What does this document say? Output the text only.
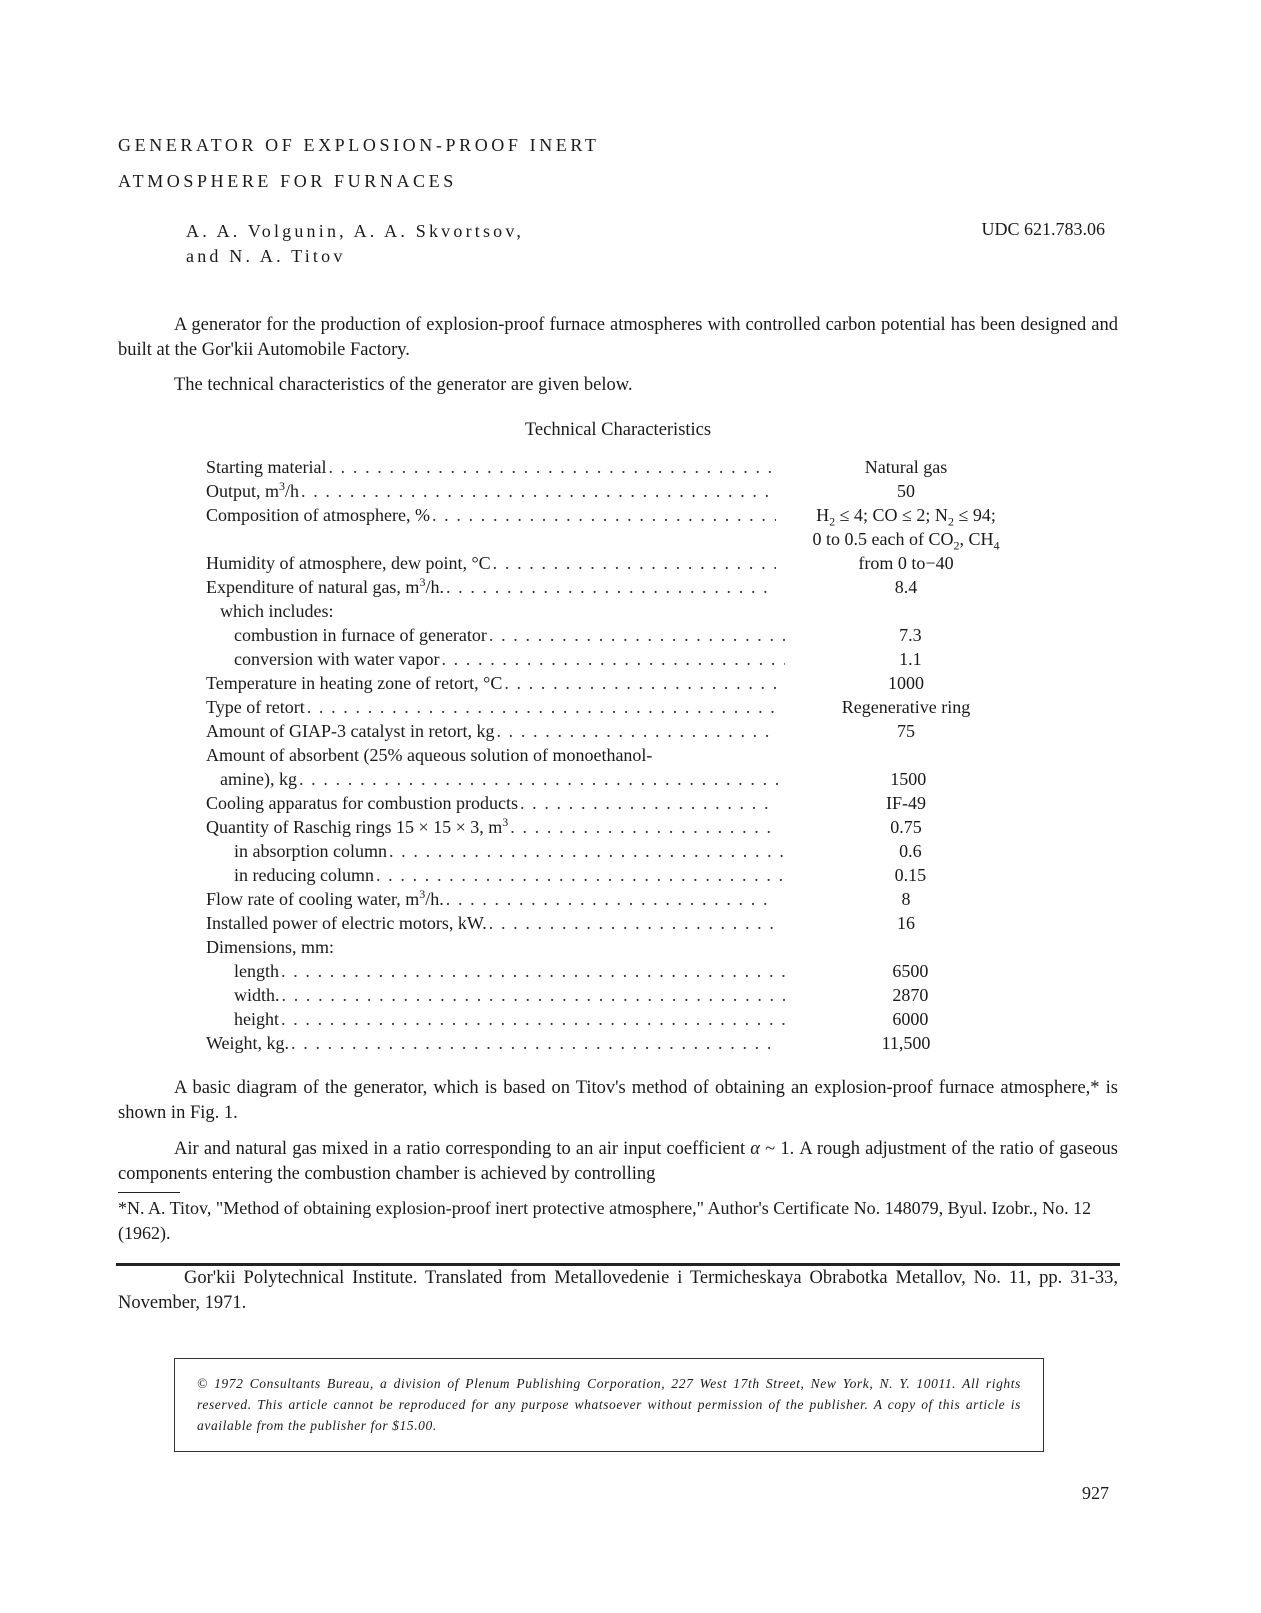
GENERATOR OF EXPLOSION-PROOF INERT
ATMOSPHERE FOR FURNACES
A. A. Volgunin, A. A. Skvortsov,
and N. A. Titov
UDC 621.783.06
A generator for the production of explosion-proof furnace atmospheres with controlled carbon potential has been designed and built at the Gor'kii Automobile Factory.
The technical characteristics of the generator are given below.
Technical Characteristics
Starting material . . .	Natural gas
Output, $m^3/h$ . . .	50
Composition of atmosphere, % . . .	$H_2 \le 4$; CO ≤ 2; $N_2 \le 94$;
0 to 0.5 each of $CO_2$, $CH_4$
Humidity of atmosphere, dew point, °C . . .	from 0 to−40
Expenditure of natural gas, $m^3/h$. . . .	8.4
which includes:
combustion in furnace of generator . . .	7.3
conversion with water vapor . . .	1.1
Temperature in heating zone of retort, °C . . .	1000
Type of retort . . .	Regenerative ring
Amount of GIAP-3 catalyst in retort, kg . . .	75
Amount of absorbent (25% aqueous solution of monoethanol-
amine), kg . . .	1500
Cooling apparatus for combustion products . . .	IF-49
Quantity of Raschig rings 15 × 15 × 3, $m^3$ . . .	0.75
in absorption column . . .	0.6
in reducing column . . .	0.15
Flow rate of cooling water, $m^3/h$. . . .	8
Installed power of electric motors, kW. . . .	16
Dimensions, mm:
length . . .	6500
width. . . .	2870
height . . .	6000
Weight, kg. . . .	11,500
A basic diagram of the generator, which is based on Titov's method of obtaining an explosion-proof furnace atmosphere,* is shown in Fig. 1.
Air and natural gas mixed in a ratio corresponding to an air input coefficient α ~ 1. A rough adjustment of the ratio of gaseous components entering the combustion chamber is achieved by controlling
*N. A. Titov, "Method of obtaining explosion-proof inert protective atmosphere," Author's Certificate No. 148079, Byul. Izobr., No. 12 (1962).
Gor'kii Polytechnical Institute. Translated from Metallovedenie i Termicheskaya Obrabotka Metallov, No. 11, pp. 31-33, November, 1971.
© 1972 Consultants Bureau, a division of Plenum Publishing Corporation, 227 West 17th Street, New York, N. Y. 10011. All rights reserved. This article cannot be reproduced for any purpose whatsoever without permission of the publisher. A copy of this article is available from the publisher for $15.00.
927
